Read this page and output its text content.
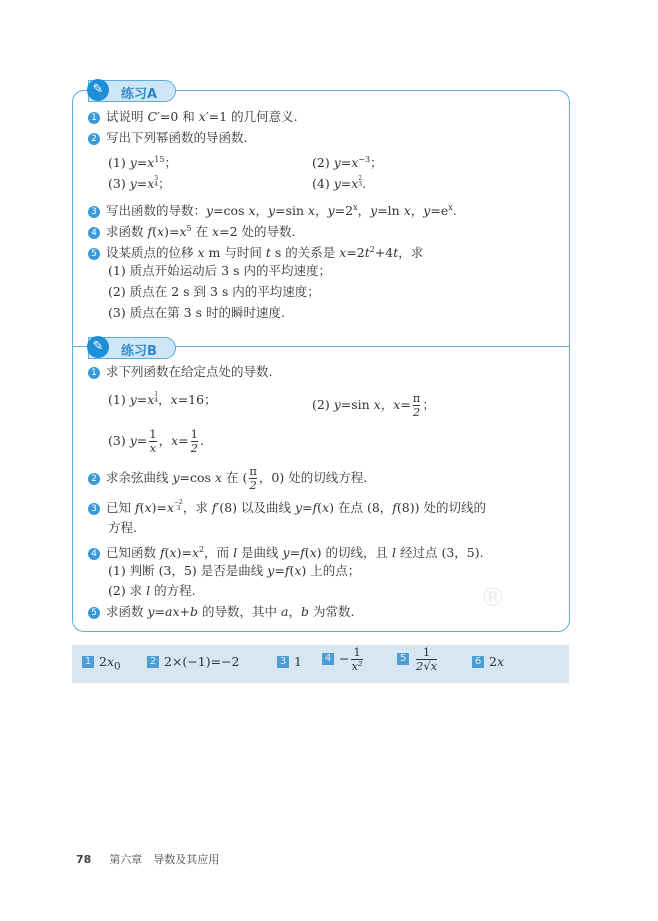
✎	练习A
✎	练习B
1 试说明 C′=0 和 x′=1 的几何意义.
2 写出下列幂函数的导函数.
(1) $y=x^{15}$；	(2) $y=x^{-3}$；
(3) y=x $^{3 4}$ ；	(4) y=x $^{2 3}$ .
3 写出函数的导数：y=cos x，y=sin x，$y=2^x$，y=ln x，$y=e^x$.
4 求函数 $f(x)=x^5$ 在 x=2 处的导数.
5 设某质点的位移 x m 与时间 t s 的关系是 $x=2t^2+4t$，求
(1) 质点开始运动后 3 s 内的平均速度；
(2) 质点在 2 s 到 3 s 内的平均速度；
(3) 质点在第 3 s 时的瞬时速度.
1 求下列函数在给定点处的导数.
(1) y=x $^{1 4}$ ，x=16；	(2) y=sin x，$x= \frac{\pi}{2}$ ；
(3) $y= \frac{1}{x}$ ，$x= \frac{1}{2}$ .
2 求余弦曲线 y=cos x 在 ( $\frac{\pi}{2}$ ，0) 处的切线方程.
3 已知 f(x)=x $^{-2 3}$ ，求 f′(8) 以及曲线 y=f(x) 在点 (8，f(8)) 处的切线的
方程.
4 已知函数 $f(x)=x^2$，而 l 是曲线 y=f(x) 的切线，且 l 经过点 (3，5).
(1) 判断 (3，5) 是否是曲线 y=f(x) 上的点；
(2) 求 l 的方程.
5 求函数 y=ax+b 的导数，其中 a，b 为常数.	®
1 $2x_0$	2 2×(−1)=−2	3 1 $4 - \frac{1}{\text{x²}}$	$5 \frac{1}{2√x}$	6 2x
78 第六章　导数及其应用
